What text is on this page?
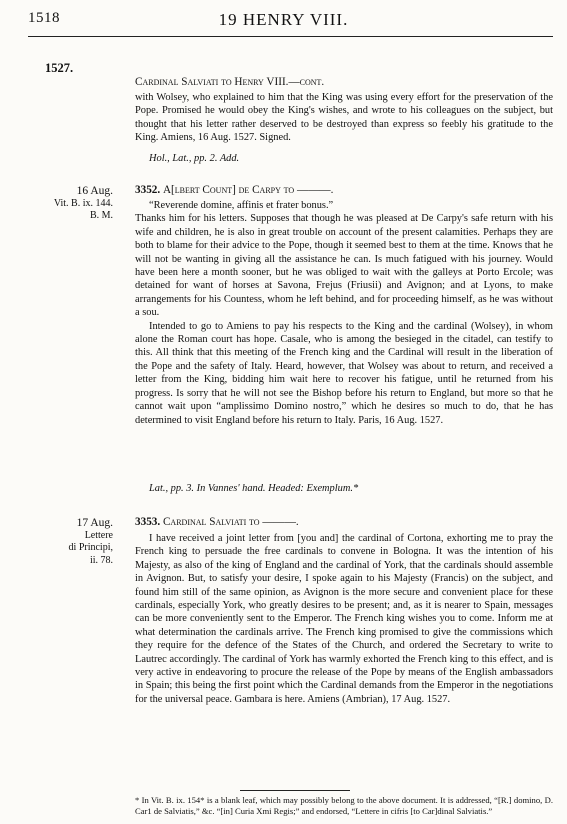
1518	19 HENRY VIII.
1527.
Cardinal Salviati to Henry VIII.—cont.

with Wolsey, who explained to him that the King was using every effort for the preservation of the Pope. Promised he would obey the King's wishes, and wrote to his colleagues on the subject, but thought that his letter rather deserved to be destroyed than express so feebly his gratitude to the King. Amiens, 16 Aug. 1527. Signed.

Hol., Lat., pp. 2. Add.
16 Aug.
Vit. B. ix. 144.
B. M.
3352. A[lbert Count] de Carpy to ———.

“Reverende domine, affinis et frater bonus.”

Thanks him for his letters. Supposes that though he was pleased at De Carpy's safe return with his wife and children, he is also in great trouble on account of the present calamities. Perhaps they are both to blame for their advice to the Pope, though it seemed best to them at the time. Knows that he will not be wanting in giving all the assistance he can. Is much fatigued with his journey. Would have been here a month sooner, but he was obliged to wait with the galleys at Porto Ercole; was detained for want of horses at Savona, Frejus (Friusii) and Avignon; and at Lyons, to make arrangements for his Countess, whom he left behind, and for proceeding himself, as he was without a sou.

Intended to go to Amiens to pay his respects to the King and the cardinal (Wolsey), in whom alone the Roman court has hope. Casale, who is among the besieged in the citadel, can testify to this. All think that this meeting of the French king and the Cardinal will result in the liberation of the Pope and the safety of Italy. Heard, however, that Wolsey was about to return, and received a letter from the King, bidding him wait here to recover his fatigue, until he returned from his progress. Is sorry that he will not see the Bishop before his return to England, but more so that he cannot wait upon “amplissimo Domino nostro,” which he desires so much to do, that he has determined to visit England before his return to Italy. Paris, 16 Aug. 1527.

Lat., pp. 3. In Vannes' hand. Headed: Exemplum.*
17 Aug.
Lettere
di Principi,
ii. 78.
3353. Cardinal Salviati to ———.

I have received a joint letter from [you and] the cardinal of Cortona, exhorting me to pray the French king to persuade the free cardinals to convene in Bologna. It was the intention of his Majesty, as also of the king of England and the cardinal of York, that the cardinals should assemble in Avignon. But, to satisfy your desire, I spoke again to his Majesty (Francis) on the subject, and found him still of the same opinion, as Avignon is the more secure and convenient place for these cardinals, especially York, who greatly desires to be present; and, as it is nearer to Spain, messages can be more conveniently sent to the Emperor. The French king wishes you to come. Inform me at what determination the cardinals arrive. The French king promised to give the commissions which they require for the defence of the States of the Church, and ordered the Secretary to write to Lautrec accordingly. The cardinal of York has warmly exhorted the French king to this effect, and is very active in endeavoring to procure the release of the Pope by means of the English ambassadors in Spain; this being the first point which the Cardinal demands from the Emperor in the negotiations for the universal peace. Gambara is here. Amiens (Ambrian), 17 Aug. 1527.

* In Vit. B. ix. 154* is a blank leaf, which may possibly belong to the above document. It is addressed, “[R.] domino, D. Car1 de Salviatis,” &c. “[in] Curia Xmi Regis;” and endorsed, “Lettere in cifris [to Car]dinal Salviatis.”
